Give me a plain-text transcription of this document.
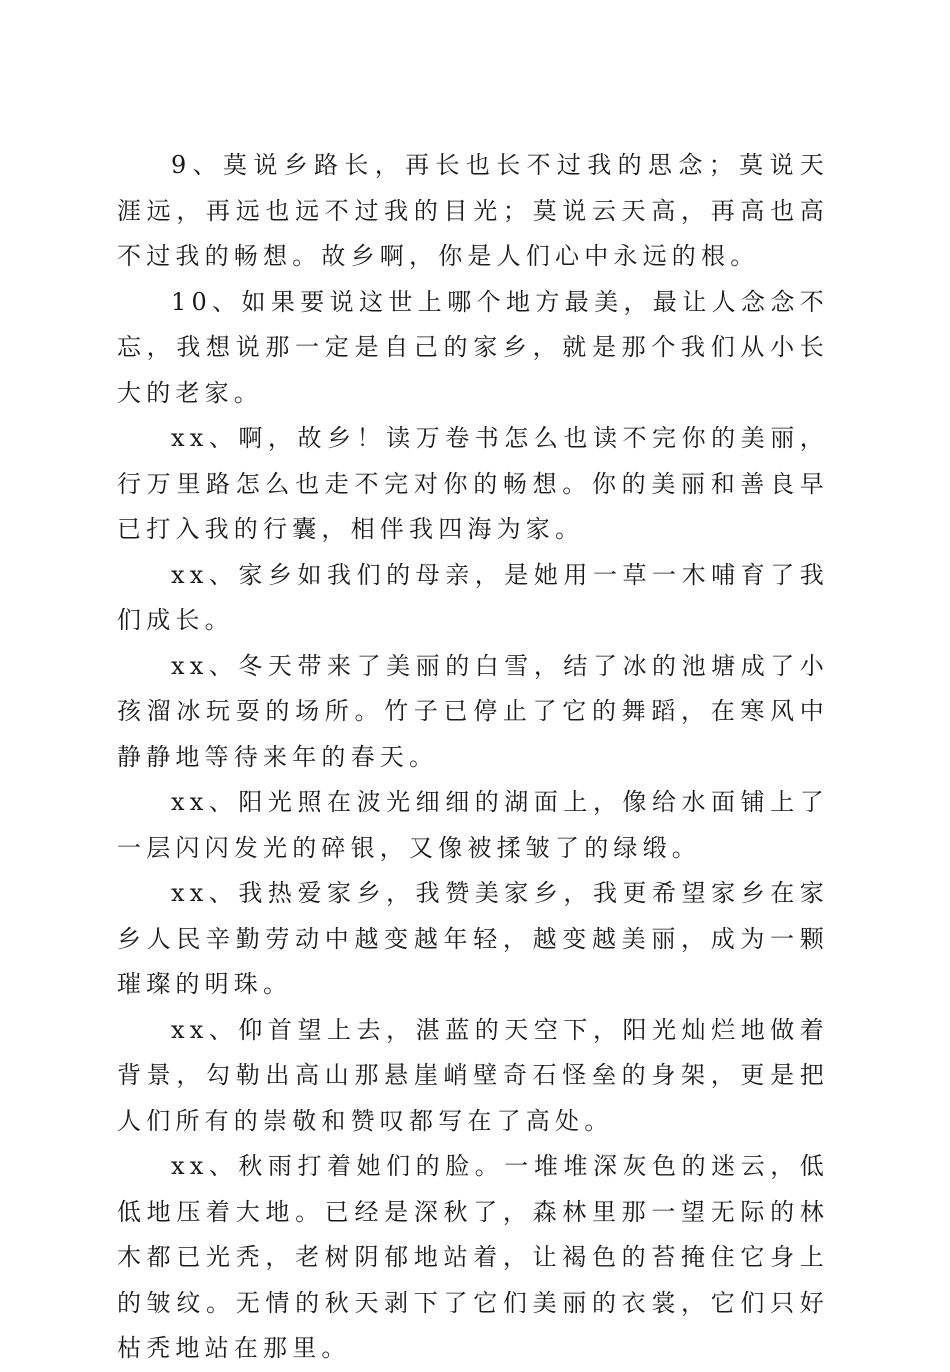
9、莫说乡路长，再长也长不过我的思念；莫说天涯远，再远也远不过我的目光；莫说云天高，再高也高不过我的畅想。故乡啊，你是人们心中永远的根。

10、如果要说这世上哪个地方最美，最让人念念不忘，我想说那一定是自己的家乡，就是那个我们从小长大的老家。

xx、啊，故乡！读万卷书怎么也读不完你的美丽，行万里路怎么也走不完对你的畅想。你的美丽和善良早已打入我的行囊，相伴我四海为家。

xx、家乡如我们的母亲，是她用一草一木哺育了我们成长。

xx、冬天带来了美丽的白雪，结了冰的池塘成了小孩溜冰玩耍的场所。竹子已停止了它的舞蹈，在寒风中静静地等待来年的春天。

xx、阳光照在波光细细的湖面上，像给水面铺上了一层闪闪发光的碎银，又像被揉皱了的绿缎。

xx、我热爱家乡，我赞美家乡，我更希望家乡在家乡人民辛勤劳动中越变越年轻，越变越美丽，成为一颗璀璨的明珠。

xx、仰首望上去，湛蓝的天空下，阳光灿烂地做着背景，勾勒出高山那悬崖峭壁奇石怪垒的身架，更是把人们所有的崇敬和赞叹都写在了高处。

xx、秋雨打着她们的脸。一堆堆深灰色的迷云，低低地压着大地。已经是深秋了，森林里那一望无际的林木都已光秃，老树阴郁地站着，让褐色的苔掩住它身上的皱纹。无情的秋天剥下了它们美丽的衣裳，它们只好枯秃地站在那里。
